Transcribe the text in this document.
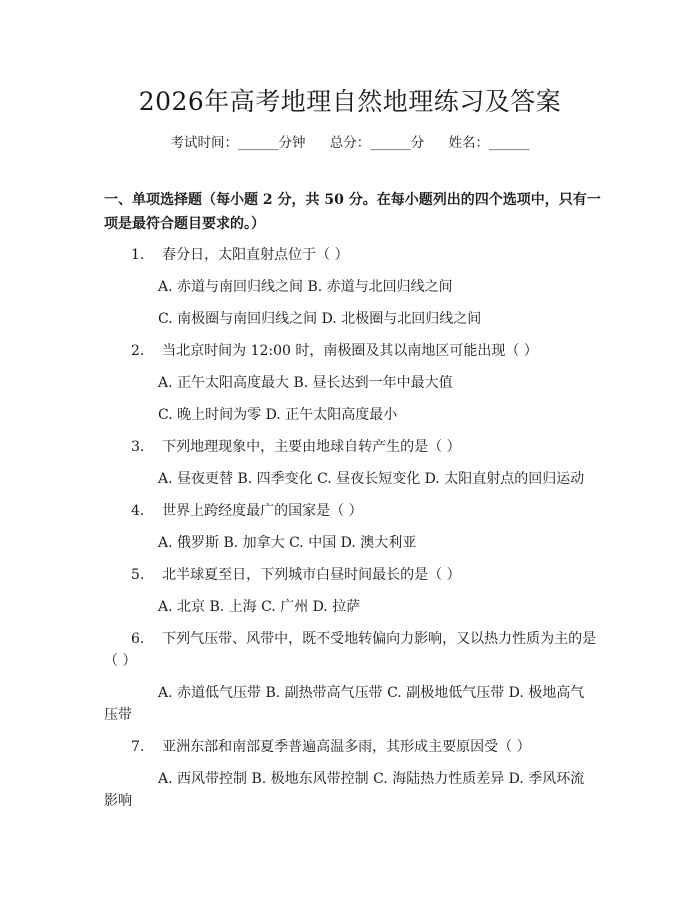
2026年高考地理自然地理练习及答案
考试时间：______分钟 总分：______分 姓名：______
一、单项选择题（每小题 2 分，共 50 分。在每小题列出的四个选项中，只有一项是最符合题目要求的。）
1. 春分日，太阳直射点位于（ ）
A. 赤道与南回归线之间 B. 赤道与北回归线之间
C. 南极圈与南回归线之间 D. 北极圈与北回归线之间
2. 当北京时间为 12:00 时，南极圈及其以南地区可能出现（ ）
A. 正午太阳高度最大 B. 昼长达到一年中最大值
C. 晚上时间为零 D. 正午太阳高度最小
3. 下列地理现象中，主要由地球自转产生的是（ ）
A. 昼夜更替 B. 四季变化 C. 昼夜长短变化 D. 太阳直射点的回归运动
4. 世界上跨经度最广的国家是（ ）
A. 俄罗斯 B. 加拿大 C. 中国 D. 澳大利亚
5. 北半球夏至日，下列城市白昼时间最长的是（ ）
A. 北京 B. 上海 C. 广州 D. 拉萨
6. 下列气压带、风带中，既不受地转偏向力影响，又以热力性质为主的是
（ ）
A. 赤道低气压带 B. 副热带高气压带 C. 副极地低气压带 D. 极地高气
压带
7. 亚洲东部和南部夏季普遍高温多雨，其形成主要原因受（ ）
A. 西风带控制 B. 极地东风带控制 C. 海陆热力性质差异 D. 季风环流
影响
